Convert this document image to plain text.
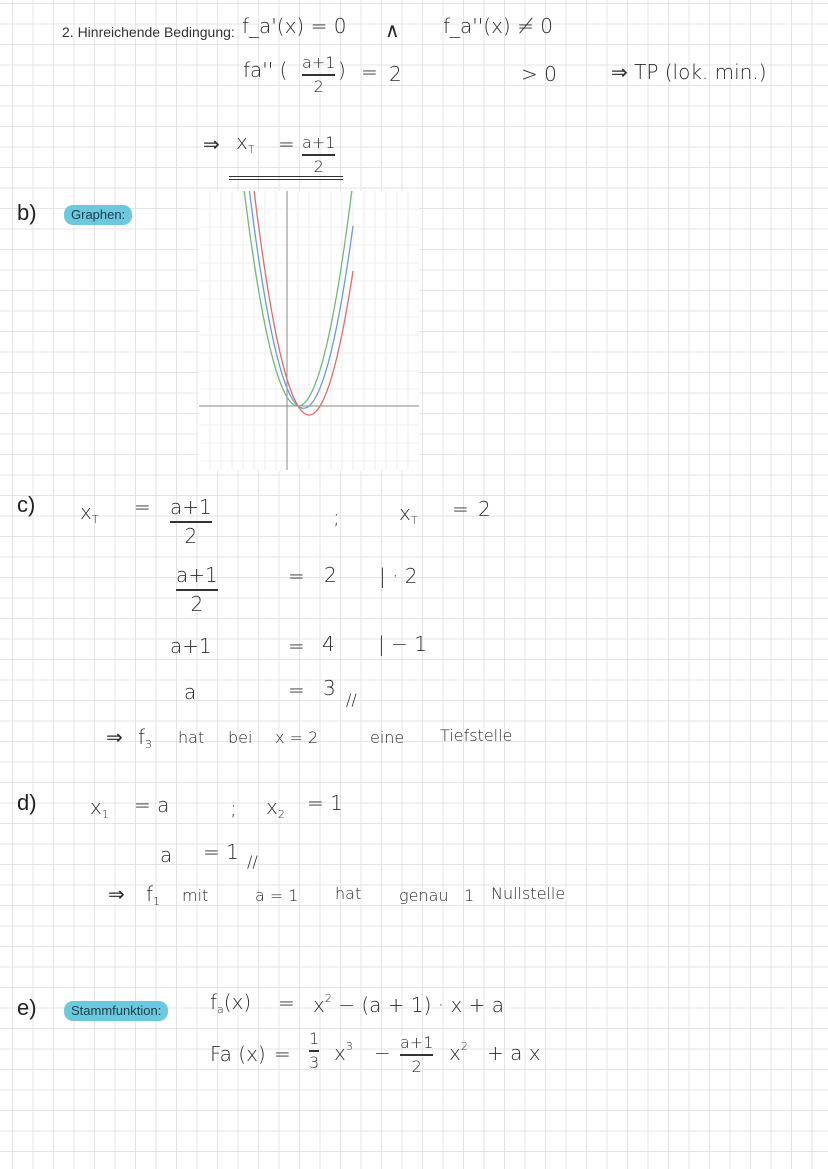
2. Hinreichende Bedingung: f_a'(x) = 0 ∧ f_a''(x) ≠ 0
fa'' ( a+1
2
) = 2	> 0	⇒ TP (lok. min.)
⇒ $x_T = a+1$
2
b)	Graphen:
c) $x_T$
= a+1
2
;	$x_T = 2$
a+1
2
= 2 | · 2
a+1	= 4 | − 1
a	= 3 //
⇒ $f_3$ hat bei x = 2	eine Tiefstelle
d)	$x_1 = a$	; $x_2 = 1$
a = 1 //
⇒ $f_1$ mit	a = 1 hat genau 1 Nullstelle
e)	Stammfunktion:	$f_a(x) = x^2 - (a + 1) \cdot x + a$
Fa (x) =
1
3 $x^3 - a+1$
2
$x^2 + a$ x
